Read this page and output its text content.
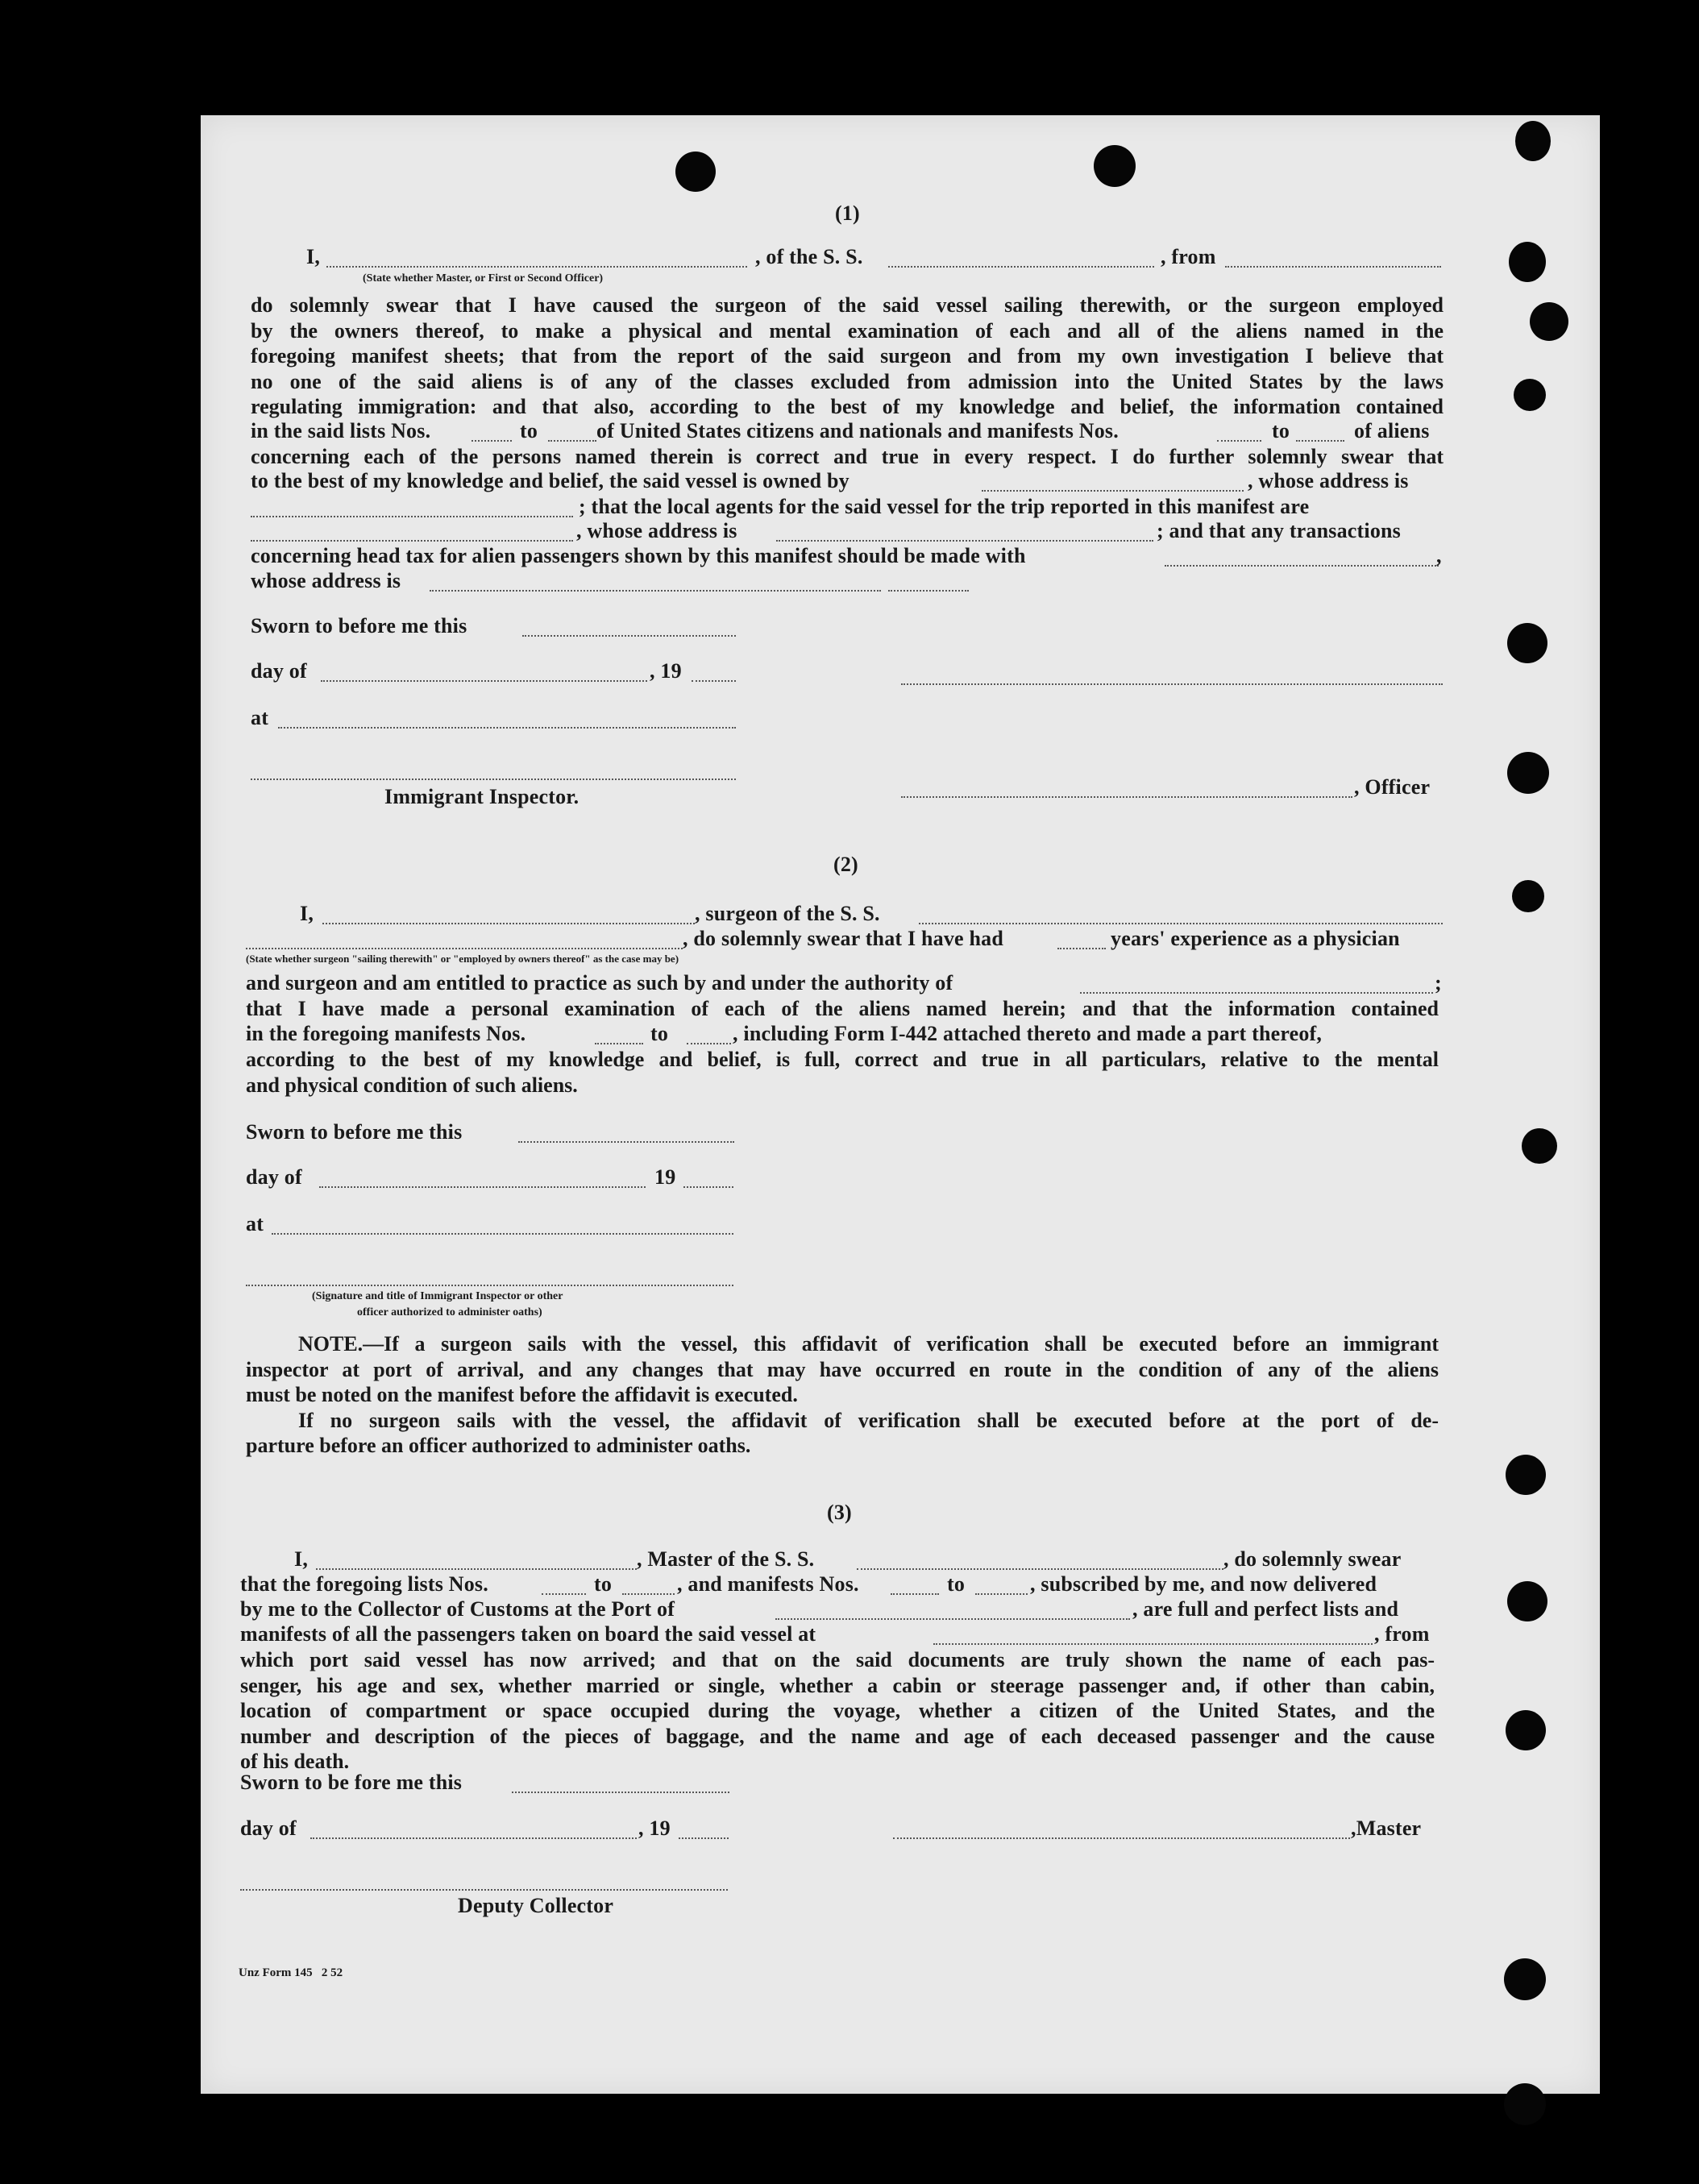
(1)
I,	, of the S. S.	, from
(State whether Master, or First or Second Officer)
do solemnly swear that I have caused the surgeon of the said vessel sailing therewith, or the surgeon employed
by the owners thereof, to make a physical and mental examination of each and all of the aliens named in the
foregoing manifest sheets; that from the report of the said surgeon and from my own investigation I believe that
no one of the said aliens is of any of the classes excluded from admission into the United States by the laws
regulating immigration: and that also, according to the best of my knowledge and belief, the information contained
in the said lists Nos.	to	of United States citizens and nationals and manifests Nos.	to	of aliens
concerning each of the persons named therein is correct and true in every respect. I do further solemnly swear that
to the best of my knowledge and belief, the said vessel is owned by	, whose address is
; that the local agents for the said vessel for the trip reported in this manifest are
, whose address is	; and that any transactions
concerning head tax for alien passengers shown by this manifest should be made with	,
whose address is
Sworn to before me this
day of	, 19
at
Immigrant Inspector.	, Officer
(2)
I,	, surgeon of the S. S.
, do solemnly swear that I have had	years' experience as a physician
(State whether surgeon "sailing therewith" or "employed by owners thereof" as the case may be)
and surgeon and am entitled to practice as such by and under the authority of	;
that I have made a personal examination of each of the aliens named herein; and that the information contained
in the foregoing manifests Nos.	to	, including Form I-442 attached thereto and made a part thereof,
according to the best of my knowledge and belief, is full, correct and true in all particulars, relative to the mental
and physical condition of such aliens.
Sworn to before me this
day of	19
at
(Signature and title of Immigrant Inspector or other
officer authorized to administer oaths)
NOTE.—If a surgeon sails with the vessel, this affidavit of verification shall be executed before an immigrant
inspector at port of arrival, and any changes that may have occurred en route in the condition of any of the aliens
must be noted on the manifest before the affidavit is executed.
If no surgeon sails with the vessel, the affidavit of verification shall be executed before at the port of de-
parture before an officer authorized to administer oaths.
(3)
I,	, Master of the S. S.	, do solemnly swear
that the foregoing lists Nos.	to	, and manifests Nos.	to	, subscribed by me, and now delivered
by me to the Collector of Customs at the Port of	, are full and perfect lists and
manifests of all the passengers taken on board the said vessel at	, from
which port said vessel has now arrived; and that on the said documents are truly shown the name of each pas-
senger, his age and sex, whether married or single, whether a cabin or steerage passenger and, if other than cabin,
location of compartment or space occupied during the voyage, whether a citizen of the United States, and the
number and description of the pieces of baggage, and the name and age of each deceased passenger and the cause
of his death.
Sworn to be fore me this
day of	, 19	,Master
Deputy Collector
Unz Form 145   2 52
